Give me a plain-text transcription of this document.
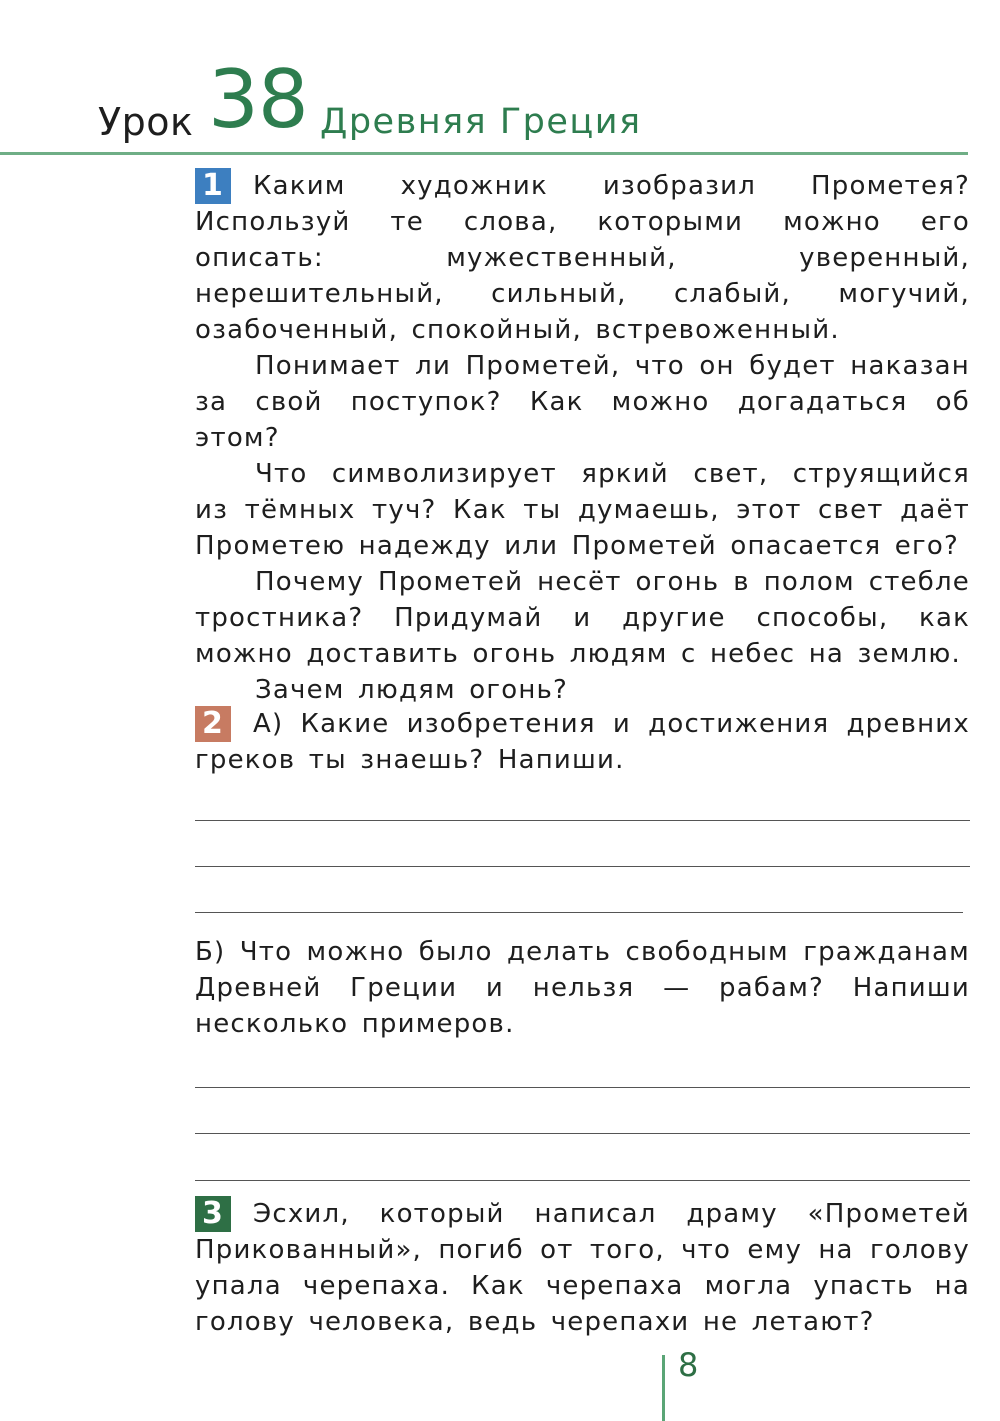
Урок 38 Древняя Греция

1 Каким художник изобразил Прометея? Используй те слова, которыми можно его описать: мужественный, уверенный, нерешительный, сильный, слабый, могучий, озабоченный, спокойный, встревоженный.

Понимает ли Прометей, что он будет наказан за свой поступок? Как можно догадаться об этом?

Что символизирует яркий свет, струящийся из тёмных туч? Как ты думаешь, этот свет даёт Прометею надежду или Прометей опасается его?

Почему Прометей несёт огонь в полом стебле тростника? Придумай и другие способы, как можно доставить огонь людям с небес на землю.

Зачем людям огонь?

2 А) Какие изобретения и достижения древних греков ты знаешь? Напиши.

Б) Что можно было делать свободным гражданам Древней Греции и нельзя — рабам? Напиши несколько примеров.

3 Эсхил, который написал драму «Прометей Прикованный», погиб от того, что ему на голову упала черепаха. Как черепаха могла упасть на голову человека, ведь черепахи не летают?

8
